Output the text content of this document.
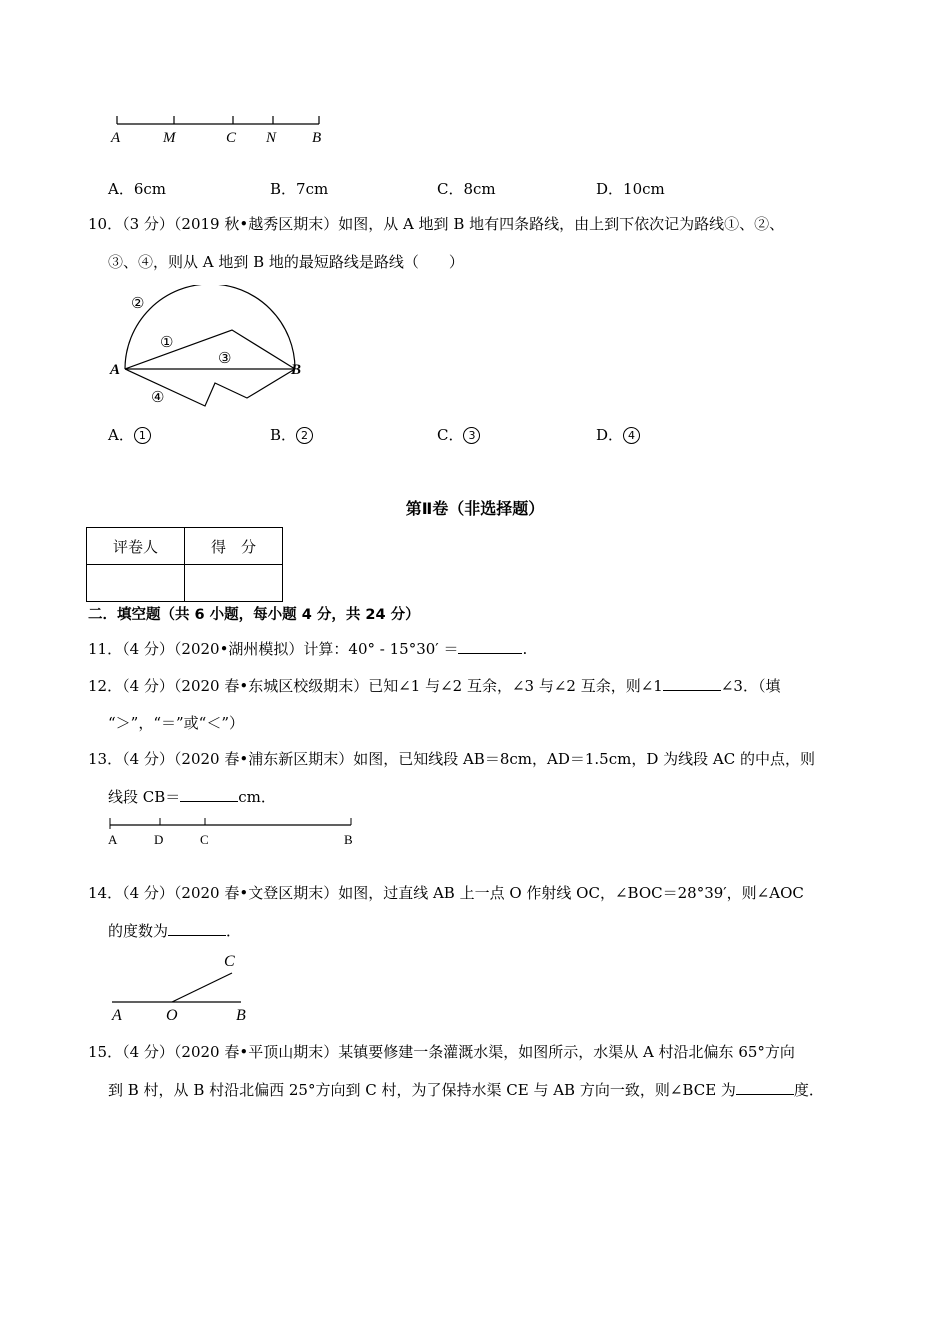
A	M	C N B
A．6cm	B．7cm	C．8cm	D．10cm
10．（3 分）（2019 秋•越秀区期末）如图，从 A 地到 B 地有四条路线，由上到下依次记为路线①、②、
③、④，则从 A 地到 B 地的最短路线是路线（　　）
A	B
②
①
③
④
A． 1	B． 2	C． 3	D． 4
第Ⅱ卷（非选择题）
评卷人	得　分

二．填空题（共 6 小题，每小题 4 分，共 24 分）
11．（4 分）（2020•湖州模拟）计算：40° - 15°30′ ＝	.
12．（4 分）（2020 春•东城区校级期末）已知∠1 与∠2 互余，∠3 与∠2 互余，则∠1	∠3．（填
“＞”，“＝”或“＜”）
13．（4 分）（2020 春•浦东新区期末）如图，已知线段 AB＝8cm，AD＝1.5cm，D 为线段 AC 的中点，则
线段 CB＝	cm．
A	D	C	B
14．（4 分）（2020 春•文登区期末）如图，过直线 AB 上一点 O 作射线 OC，∠BOC＝28°39′，则∠AOC
的度数为	．
C
A	O	B
15．（4 分）（2020 春•平顶山期末）某镇要修建一条灌溉水渠，如图所示，水渠从 A 村沿北偏东 65°方向
到 B 村，从 B 村沿北偏西 25°方向到 C 村，为了保持水渠 CE 与 AB 方向一致，则∠BCE 为	度．
